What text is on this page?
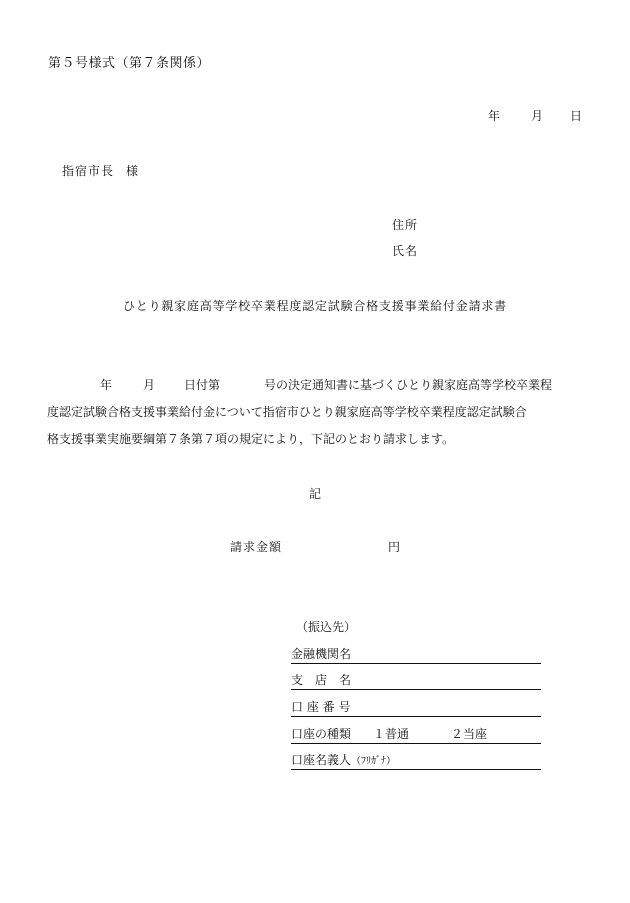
第５号様式（第７条関係）
年	月 日
指宿市長 様
住所
氏名
ひとり親家庭高等学校卒業程度認定試験合格支援事業給付金請求書
年	月 日付第	号の決定通知書に基づくひとり親家庭高等学校卒業程
度認定試験合格支援事業給付金について指宿市ひとり親家庭高等学校卒業程度認定試験合
格支援事業実施要綱第７条第７項の規定により，下記のとおり請求します。
記
請求金額	円
（振込先）
金融機関名
支　店　名
口 座 番 号
口座の種類 １普通	２当座
口座名義人（ﾌﾘｶﾞﾅ）
